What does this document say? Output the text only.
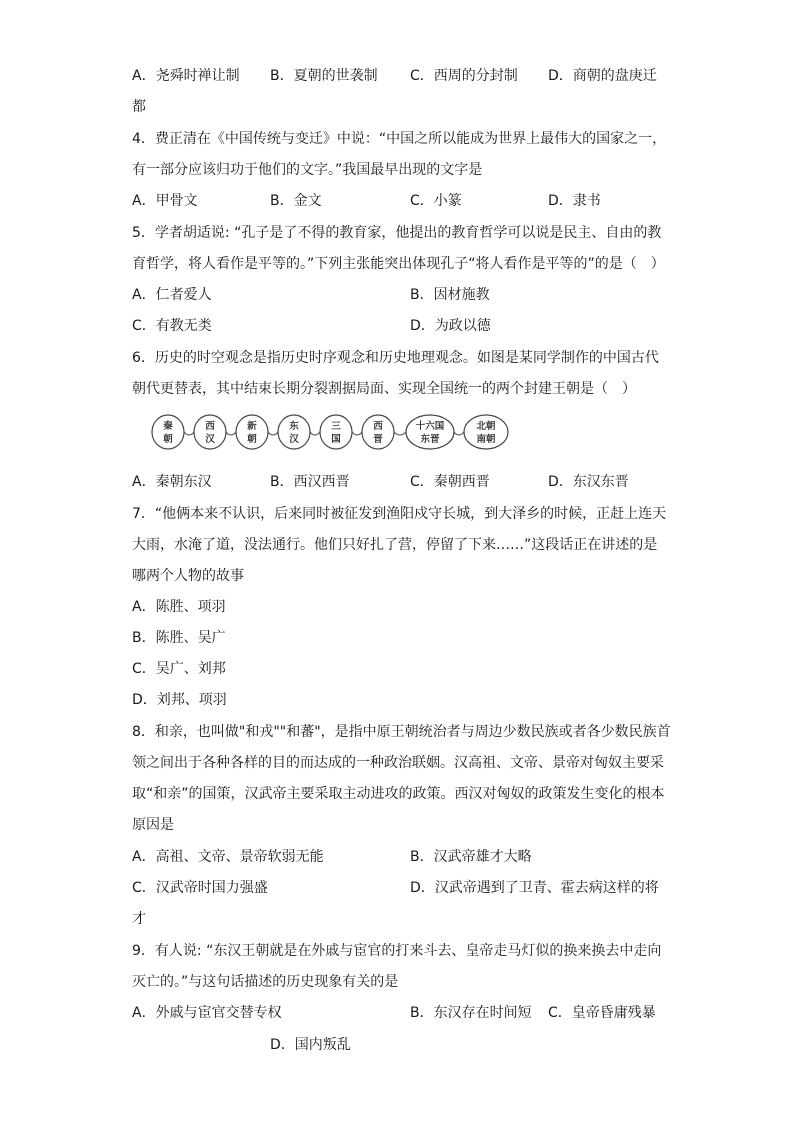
A．尧舜时禅让制 B．夏朝的世袭制 C．西周的分封制 D．商朝的盘庚迁
都
4．费正清在《中国传统与变迁》中说：“中国之所以能成为世界上最伟大的国家之一，
有一部分应该归功于他们的文字。”我国最早出现的文字是
A．甲骨文	B．金文	C．小篆	D．隶书
5．学者胡适说: “孔子是了不得的教育家，他提出的教育哲学可以说是民主、自由的教
育哲学，将人看作是平等的。”下列主张能突出体现孔子“将人看作是平等的”的是（　）
A．仁者爱人	B．因材施教
C．有教无类	D．为政以德
6．历史的时空观念是指历史时序观念和历史地理观念。如图是某同学制作的中国古代
朝代更替表，其中结束长期分裂割据局面、实现全国统一的两个封建王朝是（　）
秦
朝
西
汉
新
朝
东
汉
三
国
西
晋
十六国
东晋
北朝
南朝
A．秦朝东汉	B．西汉西晋	C．秦朝西晋	D．东汉东晋
7．“他俩本来不认识，后来同时被征发到渔阳戍守长城，到大泽乡的时候，正赶上连天
大雨，水淹了道，没法通行。他们只好扎了营，停留了下来……”这段话正在讲述的是
哪两个人物的故事
A．陈胜、项羽
B．陈胜、吴广
C．吴广、刘邦
D．刘邦、项羽
8．和亲，也叫做"和戎""和蕃"，是指中原王朝统治者与周边少数民族或者各少数民族首
领之间出于各种各样的目的而达成的一种政治联姻。汉高祖、文帝、景帝对匈奴主要采
取“和亲”的国策，汉武帝主要采取主动进攻的政策。西汉对匈奴的政策发生变化的根本
原因是
A．高祖、文帝、景帝软弱无能	B．汉武帝雄才大略
C．汉武帝时国力强盛	D．汉武帝遇到了卫青、霍去病这样的将
才
9．有人说: “东汉王朝就是在外戚与宦官的打来斗去、皇帝走马灯似的换来换去中走向
灭亡的。”与这句话描述的历史现象有关的是
A．外戚与宦官交替专权	B．东汉存在时间短 C．皇帝昏庸残暴
D．国内叛乱
